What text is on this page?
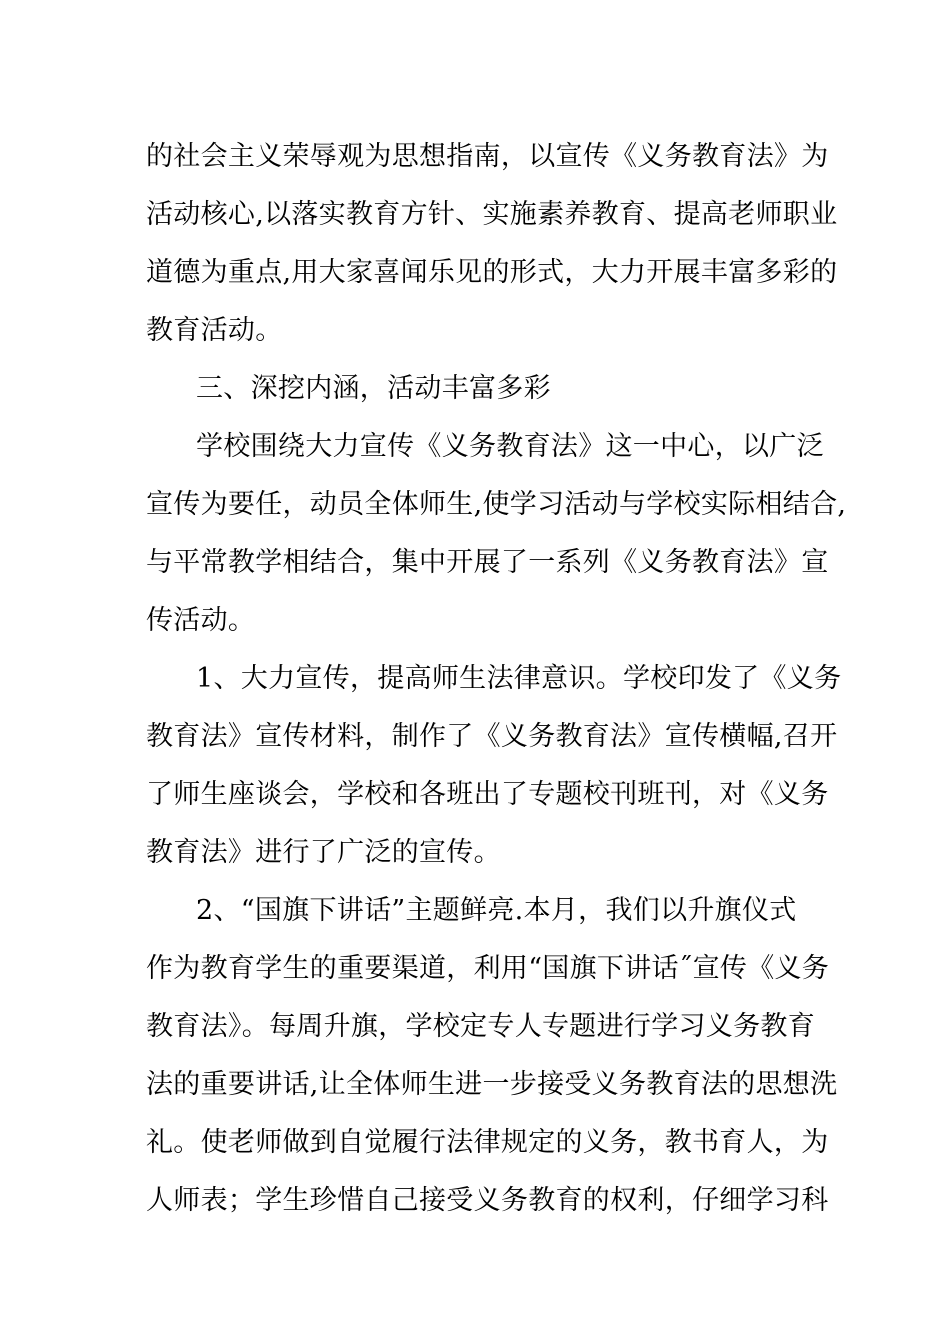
的社会主义荣辱观为思想指南，以宣传《义务教育法》为
活动核心,以落实教育方针、实施素养教育、提高老师职业
道德为重点,用大家喜闻乐见的形式，大力开展丰富多彩的
教育活动。
三、深挖内涵，活动丰富多彩
学校围绕大力宣传《义务教育法》这一中心，以广泛
宣传为要任，动员全体师生,使学习活动与学校实际相结合,
与平常教学相结合，集中开展了一系列《义务教育法》宣
传活动。
1、大力宣传，提高师生法律意识。学校印发了《义务
教育法》宣传材料，制作了《义务教育法》宣传横幅,召开
了师生座谈会，学校和各班出了专题校刊班刊，对《义务
教育法》进行了广泛的宣传。
2、“国旗下讲话”主题鲜亮.本月，我们以升旗仪式
作为教育学生的重要渠道，利用“国旗下讲话˝宣传《义务
教育法》。每周升旗，学校定专人专题进行学习义务教育
法的重要讲话,让全体师生进一步接受义务教育法的思想洗
礼。使老师做到自觉履行法律规定的义务，教书育人，为
人师表；学生珍惜自己接受义务教育的权利，仔细学习科
